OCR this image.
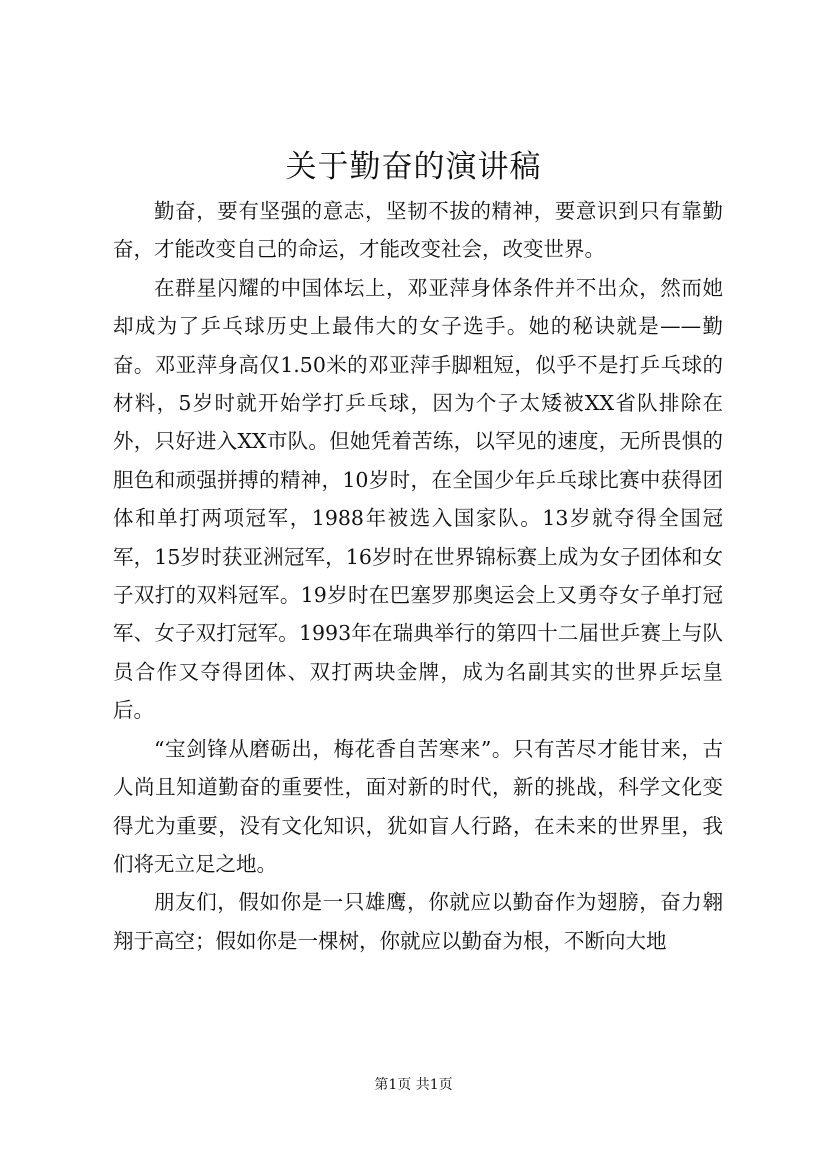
关于勤奋的演讲稿

勤奋，要有坚强的意志，坚韧不拔的精神，要意识到只有靠勤奋，才能改变自己的命运，才能改变社会，改变世界。

在群星闪耀的中国体坛上，邓亚萍身体条件并不出众，然而她却成为了乒乓球历史上最伟大的女子选手。她的秘诀就是——勤奋。邓亚萍身高仅1.50米的邓亚萍手脚粗短，似乎不是打乒乓球的材料，5岁时就开始学打乒乓球，因为个子太矮被XX省队排除在外，只好进入XX市队。但她凭着苦练，以罕见的速度，无所畏惧的胆色和顽强拼搏的精神，10岁时，在全国少年乒乓球比赛中获得团体和单打两项冠军，1988年被选入国家队。13岁就夺得全国冠军，15岁时获亚洲冠军，16岁时在世界锦标赛上成为女子团体和女子双打的双料冠军。19岁时在巴塞罗那奥运会上又勇夺女子单打冠军、女子双打冠军。1993年在瑞典举行的第四十二届世乒赛上与队员合作又夺得团体、双打两块金牌，成为名副其实的世界乒坛皇后。

“宝剑锋从磨砺出，梅花香自苦寒来”。只有苦尽才能甘来，古人尚且知道勤奋的重要性，面对新的时代，新的挑战，科学文化变得尤为重要，没有文化知识，犹如盲人行路，在未来的世界里，我们将无立足之地。

朋友们，假如你是一只雄鹰，你就应以勤奋作为翅膀，奋力翱翔于高空；假如你是一棵树，你就应以勤奋为根，不断向大地

第1页 共1页
